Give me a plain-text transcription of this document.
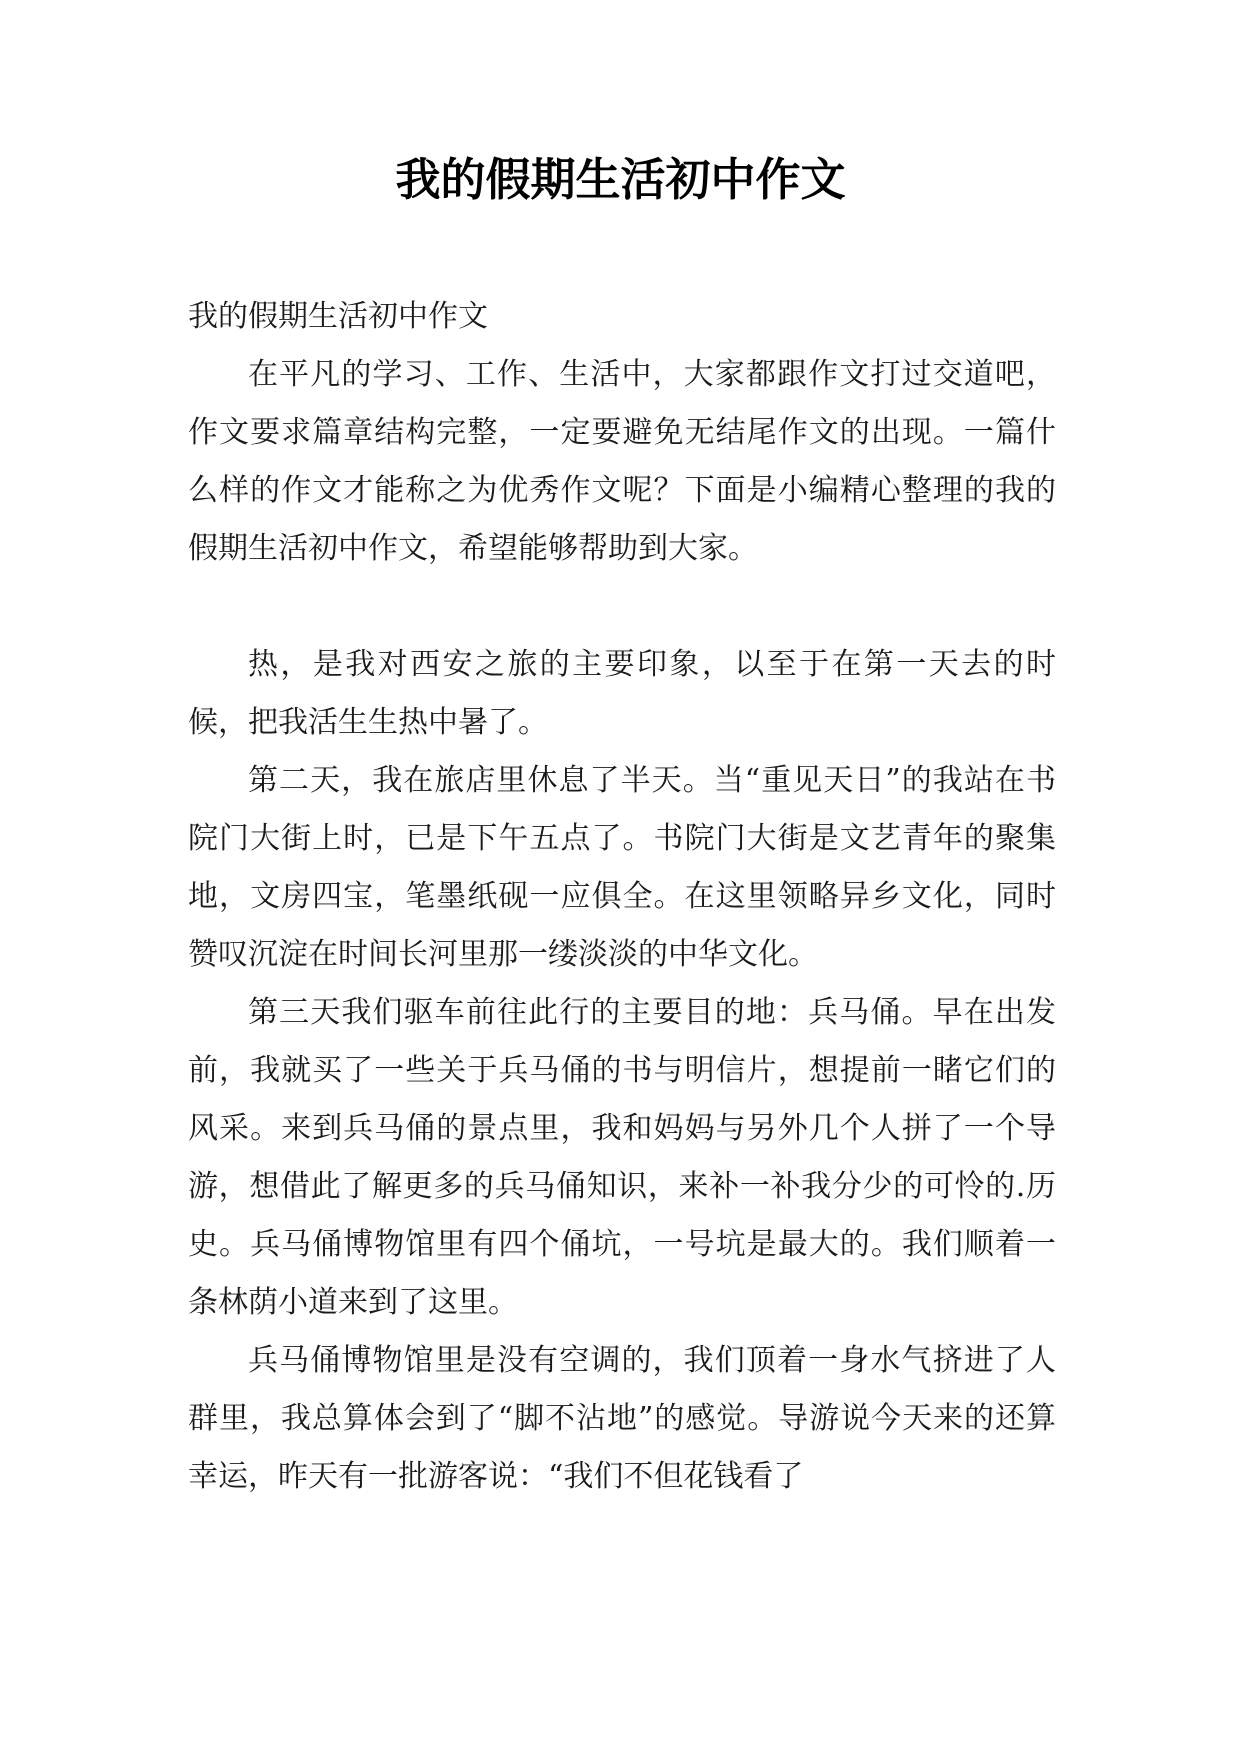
我的假期生活初中作文

我的假期生活初中作文

在平凡的学习、工作、生活中，大家都跟作文打过交道吧，作文要求篇章结构完整，一定要避免无结尾作文的出现。一篇什么样的作文才能称之为优秀作文呢？下面是小编精心整理的我的假期生活初中作文，希望能够帮助到大家。

热，是我对西安之旅的主要印象，以至于在第一天去的时候，把我活生生热中暑了。

第二天，我在旅店里休息了半天。当“重见天日”的我站在书院门大街上时，已是下午五点了。书院门大街是文艺青年的聚集地，文房四宝，笔墨纸砚一应俱全。在这里领略异乡文化，同时赞叹沉淀在时间长河里那一缕淡淡的中华文化。

第三天我们驱车前往此行的主要目的地：兵马俑。早在出发前，我就买了一些关于兵马俑的书与明信片，想提前一睹它们的风采。来到兵马俑的景点里，我和妈妈与另外几个人拼了一个导游，想借此了解更多的兵马俑知识，来补一补我分少的可怜的.历史。兵马俑博物馆里有四个俑坑，一号坑是最大的。我们顺着一条林荫小道来到了这里。

兵马俑博物馆里是没有空调的，我们顶着一身水气挤进了人群里，我总算体会到了“脚不沾地”的感觉。导游说今天来的还算幸运，昨天有一批游客说：“我们不但花钱看了
